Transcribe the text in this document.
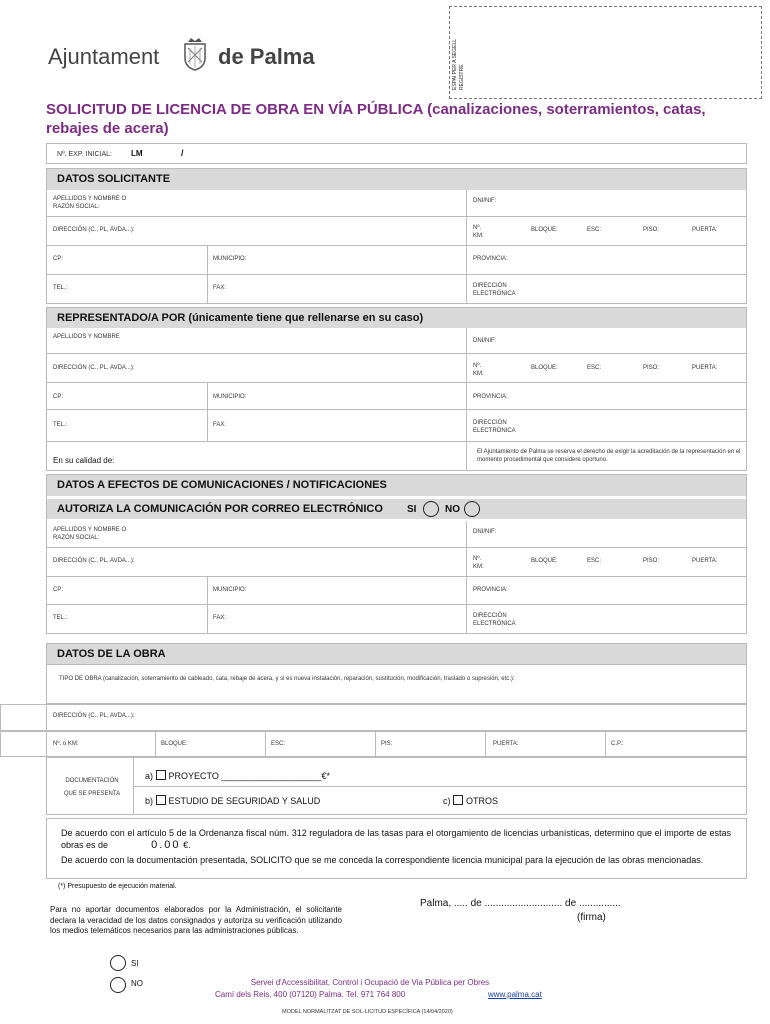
Ajuntament	de Palma	ESPAI PER A SEGELL REGISTRE
SOLICITUD DE LICENCIA DE OBRA EN VÍA PÚBLICA (canalizaciones, soterramientos, catas, rebajes de acera)
Nº. EXP. INICIAL: LM	/
DATOS SOLICITANTE
APELLIDOS Y NOMBRE O RAZÓN SOCIAL:
DNI/NIF:
DIRECCIÓN (C., PL, AVDA...):	Nº. KM:
BLOQUE:	ESC:	PISO:	PUERTA:
CP:	MUNICIPIO:	PROVINCIA:
TEL.:	FAX:	DIRECCIÓN ELECTRÓNICA
REPRESENTADO/A POR (únicamente tiene que rellenarse en su caso)
APELLIDOS Y NOMBRE
DNI/NIF:
DIRECCIÓN (C., PL, AVDA...):	Nº. KM:
BLOQUE:	ESC:	PISO:	PUERTA:
CP:	MUNICIPIO:	PROVINCIA:
TEL.:	FAX:	DIRECCIÓN ELECTRÓNICA
En su calidad de:
El Ajuntamiento de Palma se reserva el derecho de exigir la acreditación de la representación en el momento procedimental que considere oportuno.
DATOS A EFECTOS DE COMUNICACIONES / NOTIFICACIONES
AUTORIZA LA COMUNICACIÓN POR CORREO ELECTRÓNICO	SI	NO
APELLIDOS Y NOMBRE O RAZÓN SOCIAL:
DNI/NIF:
DIRECCIÓN (C., PL, AVDA...):	Nº. KM:
BLOQUE:	ESC:	PISO:	PUERTA:
CP:	MUNICIPIO:	PROVINCIA:
TEL.:	FAX:	DIRECCIÓN ELECTRÓNICA
DATOS DE LA OBRA
TIPO DE OBRA (canalización, soterramiento de cableado, cata, rebaje de acera, y si es nueva instalación, reparación, sustitución, modificación, traslado o supresión, etc.):
DIRECCIÓN (C., PL, AVDA...):
Nº. o KM:	BLOQUE:	ESC:	PIS:	PUERTA:	C.P.:
DOCUMENTACIÓN QUE SE PRESENTA
a) PROYECTO ____________________€*
b) ESTUDIO DE SEGURIDAD Y SALUD	c) OTROS
De acuerdo con el artículo 5 de la Ordenanza fiscal núm. 312 reguladora de las tasas para el otorgamiento de licencias urbanísticas, determino que el importe de estas obras es de	0.00 €.
De acuerdo con la documentación presentada, SOLICITO que se me conceda la correspondiente licencia municipal para la ejecución de las obras mencionadas.
(*) Presupuesto de ejecución material.
Para no aportar documentos elaborados por la Administración, el solicitante declara la veracidad de los datos consignados y autoriza su verificación utilizando los medios telemáticos necesarios para las administraciones públicas.
SI
NO
Palma, ..... de ............................ de ...............
(firma)
Servei d'Accessibilitat, Control i Ocupació de Via Pública per Obres
Camí dels Reis, 400 (07120) Palma. Tel. 971 764 800	www.palma.cat
MODEL NORMALITZAT DE SOL·LICITUD ESPECÍFICA (14/04/2020)
